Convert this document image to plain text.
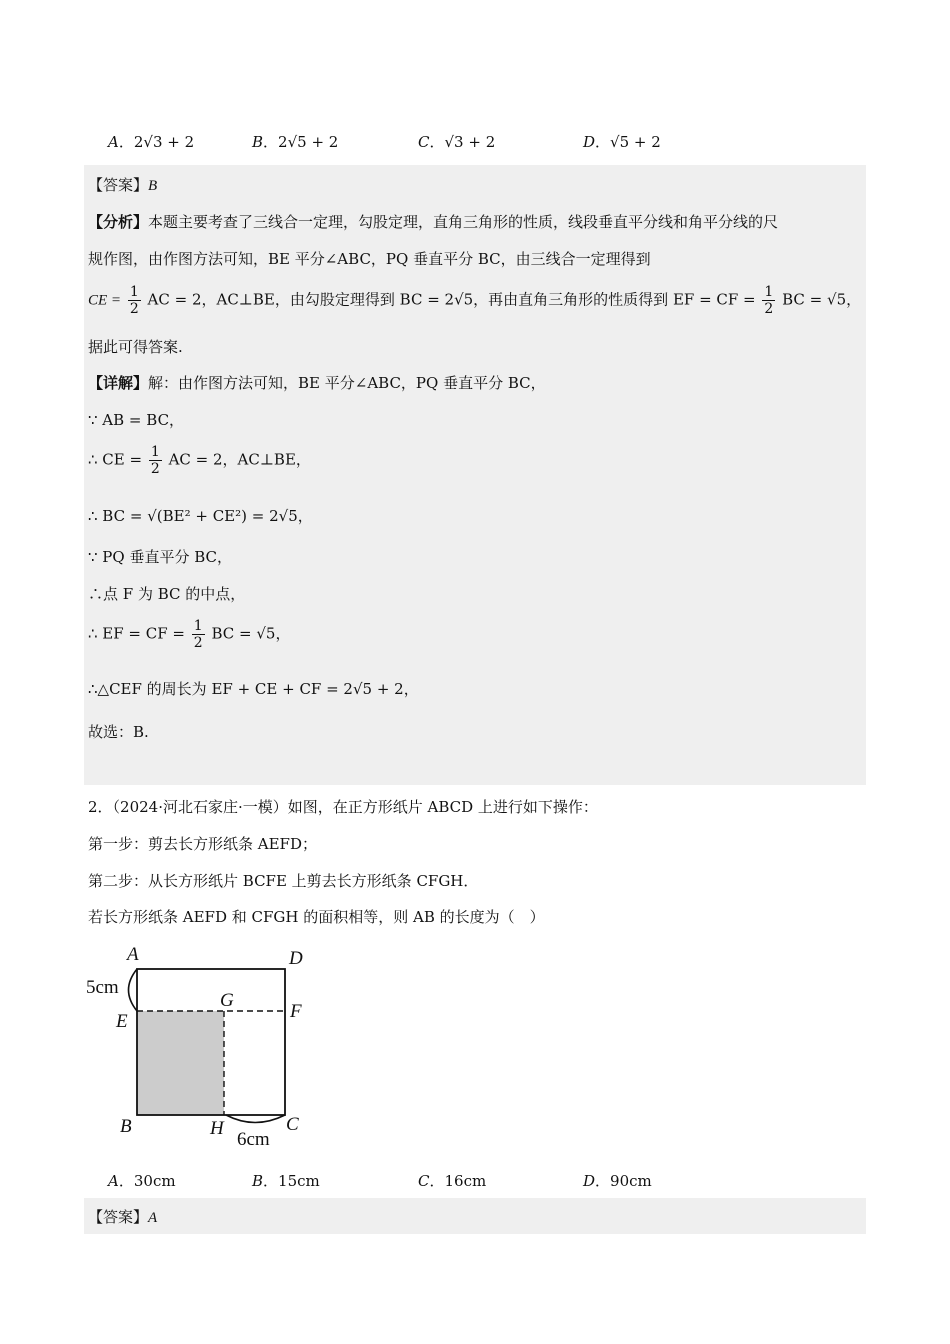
A．2√3 + 2	B．2√5 + 2	C．√3 + 2	D．√5 + 2
【答案】B
【分析】本题主要考查了三线合一定理，勾股定理，直角三角形的性质，线段垂直平分线和角平分线的尺
规作图，由作图方法可知，BE 平分∠ABC，PQ 垂直平分 BC，由三线合一定理得到
CE = $\frac{1}{2}$ AC = 2，AC⊥BE，由勾股定理得到 BC = 2√5，再由直角三角形的性质得到 EF = CF = $\frac{1}{2}$ BC = √5，
据此可得答案.
【详解】解：由作图方法可知，BE 平分∠ABC，PQ 垂直平分 BC，
∵ AB = BC，
∴ CE = $\frac{1}{2}$ AC = 2，AC⊥BE，
∴ BC = √(BE² + CE²) = 2√5，
∵ PQ 垂直平分 BC，
∴点 F 为 BC 的中点，
∴ EF = CF = $\frac{1}{2}$ BC = √5，
∴△CEF 的周长为 EF + CE + CF = 2√5 + 2，
故选：B.
2．（2024·河北石家庄·一模）如图，在正方形纸片 ABCD 上进行如下操作：
第一步：剪去长方形纸条 AEFD；
第二步：从长方形纸片 BCFE 上剪去长方形纸条 CFGH．
若长方形纸条 AEFD 和 CFGH 的面积相等，则 AB 的长度为（　）
A	D
5cm
G
E	F
B	H	C
6cm
A．30cm	B．15cm	C．16cm	D．90cm
【答案】A
